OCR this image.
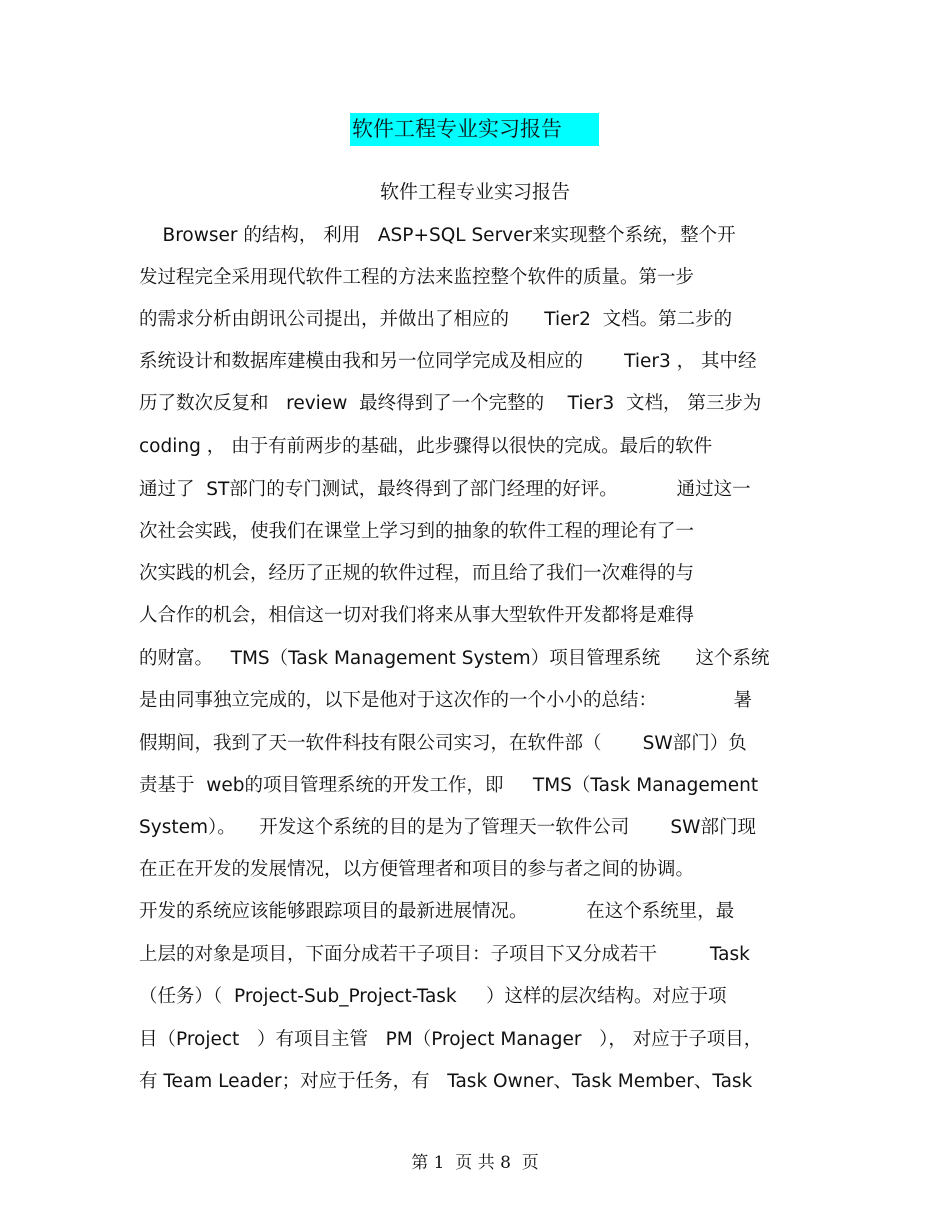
软件工程专业实习报告
软件工程专业实习报告
Browser 的结构， 利用   ASP+SQL Server来实现整个系统，整个开
发过程完全采用现代软件工程的方法来监控整个软件的质量。第一步
的需求分析由朗讯公司提出，并做出了相应的      Tier2  文档。第二步的
系统设计和数据库建模由我和另一位同学完成及相应的       Tier3 ， 其中经
历了数次反复和   review  最终得到了一个完整的    Tier3  文档， 第三步为
coding ， 由于有前两步的基础，此步骤得以很快的完成。最后的软件
通过了  ST部门的专门测试，最终得到了部门经理的好评。          通过这一
次社会实践，使我们在课堂上学习到的抽象的软件工程的理论有了一
次实践的机会，经历了正规的软件过程，而且给了我们一次难得的与
人合作的机会，相信这一切对我们将来从事大型软件开发都将是难得
的财富。   TMS（Task Management System）项目管理系统      这个系统
是由同事独立完成的，以下是他对于这次作的一个小小的总结：             暑
假期间，我到了天一软件科技有限公司实习，在软件部（       SW部门）负
责基于  web的项目管理系统的开发工作，即     TMS（Task Management
System）。    开发这个系统的目的是为了管理天一软件公司       SW部门现
在正在开发的发展情况，以方便管理者和项目的参与者之间的协调。
开发的系统应该能够跟踪项目的最新进展情况。          在这个系统里，最
上层的对象是项目，下面分成若干子项目：子项目下又分成若干         Task
（任务）（  Project-Sub_Project-Task     ）这样的层次结构。对应于项
目（Project   ）有项目主管   PM（Project Manager   ）， 对应于子项目，
有 Team Leader；对应于任务，有   Task Owner、Task Member、Task
第 1  页 共 8  页
